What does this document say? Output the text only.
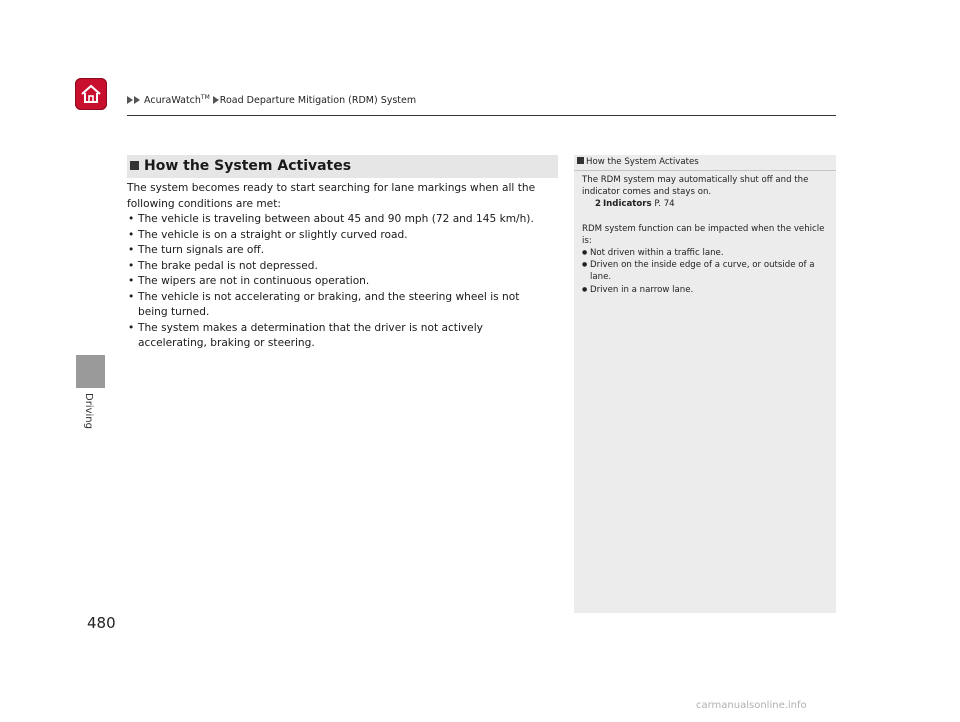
AcuraWatch™ Road Departure Mitigation (RDM) System
Driving
How the System Activates

The system becomes ready to start searching for lane markings when all the following conditions are met:

• The vehicle is traveling between about 45 and 90 mph (72 and 145 km/h).
• The vehicle is on a straight or slightly curved road.
• The turn signals are off.
• The brake pedal is not depressed.
• The wipers are not in continuous operation.
• The vehicle is not accelerating or braking, and the steering wheel is not being turned.
• The system makes a determination that the driver is not actively accelerating, braking or steering.
How the System Activates

The RDM system may automatically shut off and the indicator comes and stays on.

2 Indicators P. 74

RDM system function can be impacted when the vehicle is:

● Not driven within a traffic lane.
● Driven on the inside edge of a curve, or outside of a lane.
● Driven in a narrow lane.
480
carmanualsonline.info
